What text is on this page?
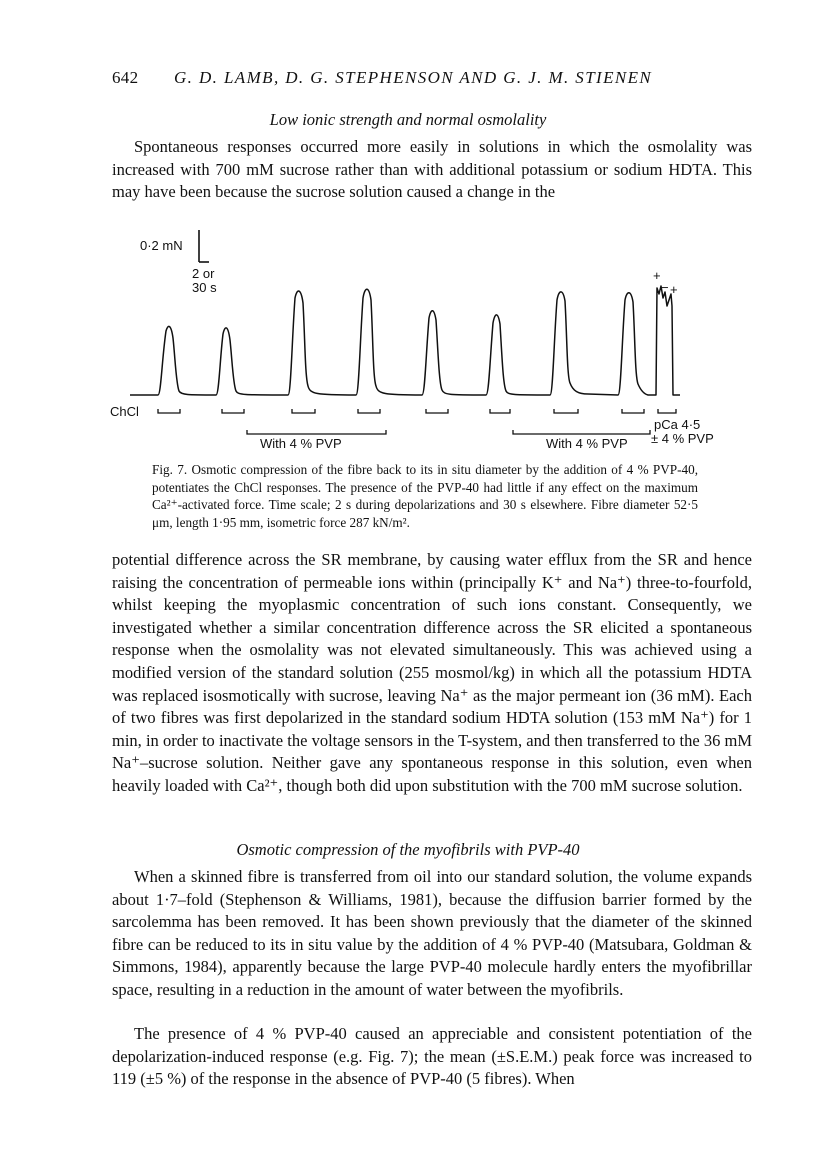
642 G. D. LAMB, D. G. STEPHENSON AND G. J. M. STIENEN
Low ionic strength and normal osmolality

Spontaneous responses occurred more easily in solutions in which the osmolality was increased with 700 mM sucrose rather than with additional potassium or sodium HDTA. This may have been because the sucrose solution caused a change in the

0·2 mN
2 or
30 s
+
− +
ChCl
pCa 4·5
With 4 % PVP	With 4 % PVP ± 4 % PVP

Fig. 7. Osmotic compression of the fibre back to its in situ diameter by the addition of 4 % PVP-40, potentiates the ChCl responses. The presence of the PVP-40 had little if any effect on the maximum Ca²⁺-activated force. Time scale; 2 s during depolarizations and 30 s elsewhere. Fibre diameter 52·5 μm, length 1·95 mm, isometric force 287 kN/m².

potential difference across the SR membrane, by causing water efflux from the SR and hence raising the concentration of permeable ions within (principally K⁺ and Na⁺) three-to-fourfold, whilst keeping the myoplasmic concentration of such ions constant. Consequently, we investigated whether a similar concentration difference across the SR elicited a spontaneous response when the osmolality was not elevated simultaneously. This was achieved using a modified version of the standard solution (255 mosmol/kg) in which all the potassium HDTA was replaced isosmotically with sucrose, leaving Na⁺ as the major permeant ion (36 mM). Each of two fibres was first depolarized in the standard sodium HDTA solution (153 mM Na⁺) for 1 min, in order to inactivate the voltage sensors in the T-system, and then transferred to the 36 mM Na⁺–sucrose solution. Neither gave any spontaneous response in this solution, even when heavily loaded with Ca²⁺, though both did upon substitution with the 700 mM sucrose solution.

Osmotic compression of the myofibrils with PVP-40

When a skinned fibre is transferred from oil into our standard solution, the volume expands about 1·7–fold (Stephenson & Williams, 1981), because the diffusion barrier formed by the sarcolemma has been removed. It has been shown previously that the diameter of the skinned fibre can be reduced to its in situ value by the addition of 4 % PVP-40 (Matsubara, Goldman & Simmons, 1984), apparently because the large PVP-40 molecule hardly enters the myofibrillar space, resulting in a reduction in the amount of water between the myofibrils.

The presence of 4 % PVP-40 caused an appreciable and consistent potentiation of the depolarization-induced response (e.g. Fig. 7); the mean (±S.E.M.) peak force was increased to 119 (±5 %) of the response in the absence of PVP-40 (5 fibres). When
